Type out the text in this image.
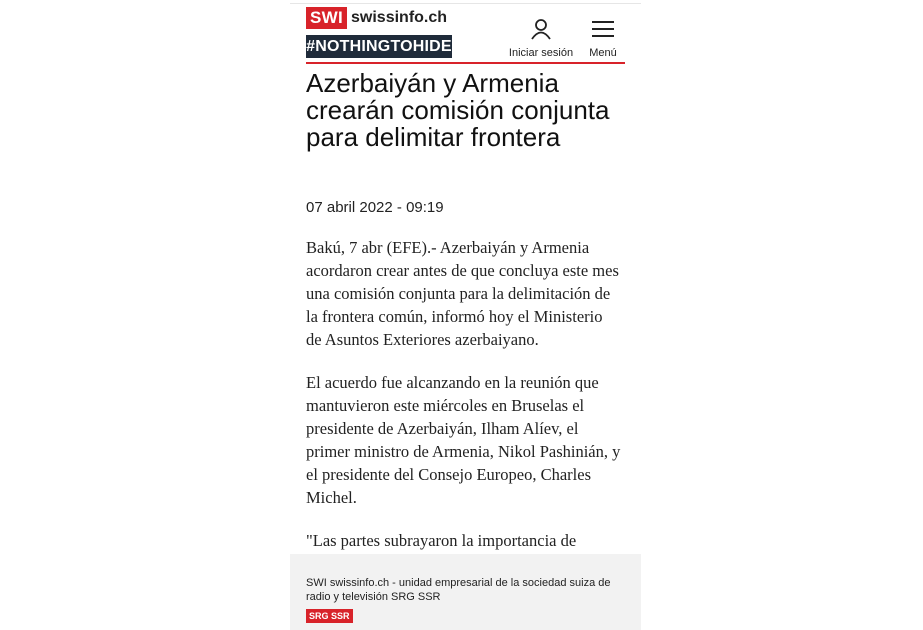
SWI swissinfo.ch
#NOTHINGTOHIDE	Iniciar sesión Menú
Azerbaiyán y Armenia crearán comisión conjunta para delimitar frontera
07 abril 2022 - 09:19

Bakú, 7 abr (EFE).- Azerbaiyán y Armenia acordaron crear antes de que concluya este mes una comisión conjunta para la delimitación de la frontera común, informó hoy el Ministerio de Asuntos Exteriores azerbaiyano.

El acuerdo fue alcanzando en la reunión que mantuvieron este miércoles en Bruselas el presidente de Azerbaiyán, Ilham Alíev, el primer ministro de Armenia, Nikol Pashinián, y el presidente del Consejo Europeo, Charles Michel.

"Las partes subrayaron la importancia de

SWI swissinfo.ch - unidad empresarial de la sociedad suiza de radio y televisión SRG SSR
SRG SSR
